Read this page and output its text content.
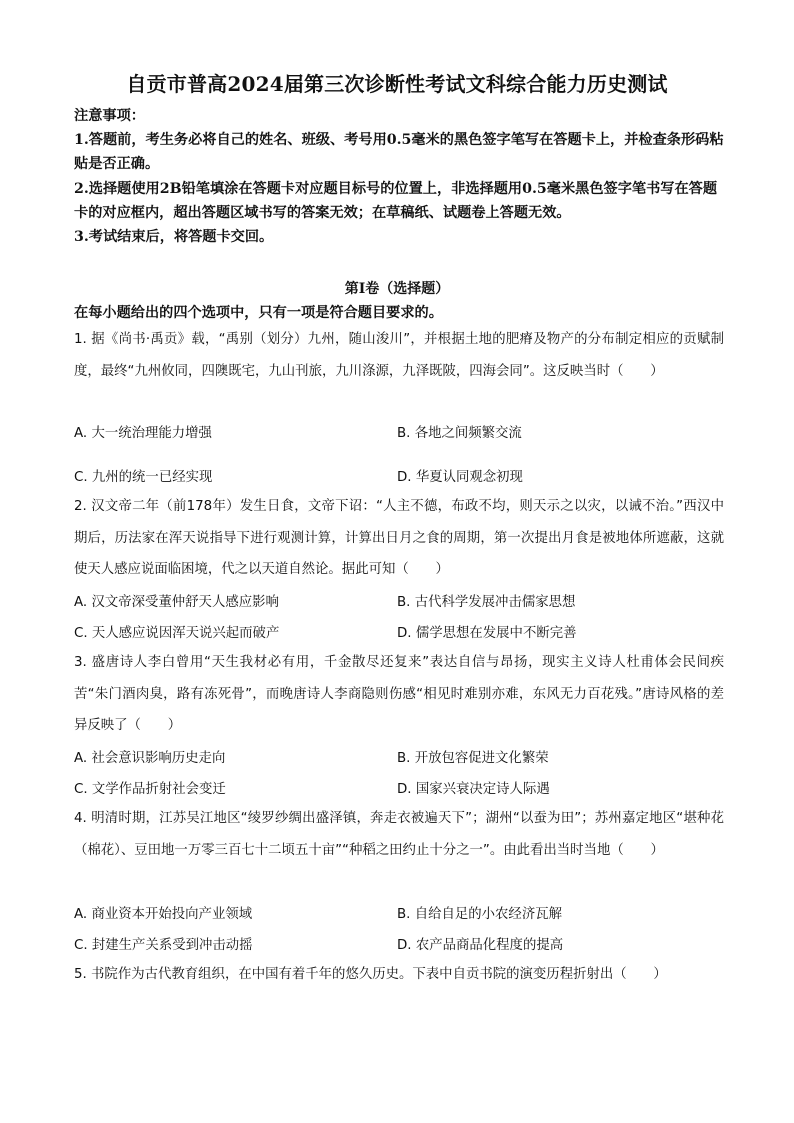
自贡市普高2024届第三次诊断性考试文科综合能力历史测试

注意事项：

1.答题前，考生务必将自己的姓名、班级、考号用0.5毫米的黑色签字笔写在答题卡上，并检查条形码粘贴是否正确。

2.选择题使用2B铅笔填涂在答题卡对应题目标号的位置上，非选择题用0.5毫米黑色签字笔书写在答题卡的对应框内，超出答题区域书写的答案无效；在草稿纸、试题卷上答题无效。

3.考试结束后，将答题卡交回。

第Ⅰ卷（选择题）
在每小题给出的四个选项中，只有一项是符合题目要求的。

1. 据《尚书·禹贡》载，“禹别（划分）九州，随山浚川”，并根据土地的肥瘠及物产的分布制定相应的贡赋制度，最终“九州攸同，四隩既宅，九山刊旅，九川涤源，九泽既陂，四海会同”。这反映当时（　　）

A. 大一统治理能力增强	B. 各地之间频繁交流
C. 九州的统一已经实现	D. 华夏认同观念初现

2. 汉文帝二年（前178年）发生日食，文帝下诏：“人主不德，布政不均，则天示之以灾，以诫不治。”西汉中期后，历法家在浑天说指导下进行观测计算，计算出日月之食的周期，第一次提出月食是被地体所遮蔽，这就使天人感应说面临困境，代之以天道自然论。据此可知（　　）

A. 汉文帝深受董仲舒天人感应影响	B. 古代科学发展冲击儒家思想
C. 天人感应说因浑天说兴起而破产	D. 儒学思想在发展中不断完善

3. 盛唐诗人李白曾用“天生我材必有用，千金散尽还复来”表达自信与昂扬，现实主义诗人杜甫体会民间疾苦“朱门酒肉臭，路有冻死骨”，而晚唐诗人李商隐则伤感“相见时难别亦难，东风无力百花残。”唐诗风格的差异反映了（　　）

A. 社会意识影响历史走向	B. 开放包容促进文化繁荣
C. 文学作品折射社会变迁	D. 国家兴衰决定诗人际遇

4. 明清时期，江苏吴江地区“绫罗纱绸出盛泽镇，奔走衣被遍天下”；湖州“以蚕为田”；苏州嘉定地区“堪种花（棉花）、豆田地一万零三百七十二顷五十亩”“种稻之田约止十分之一”。由此看出当时当地（　　）

A. 商业资本开始投向产业领域	B. 自给自足的小农经济瓦解
C. 封建生产关系受到冲击动摇	D. 农产品商品化程度的提高

5. 书院作为古代教育组织，在中国有着千年的悠久历史。下表中自贡书院的演变历程折射出（　　）
